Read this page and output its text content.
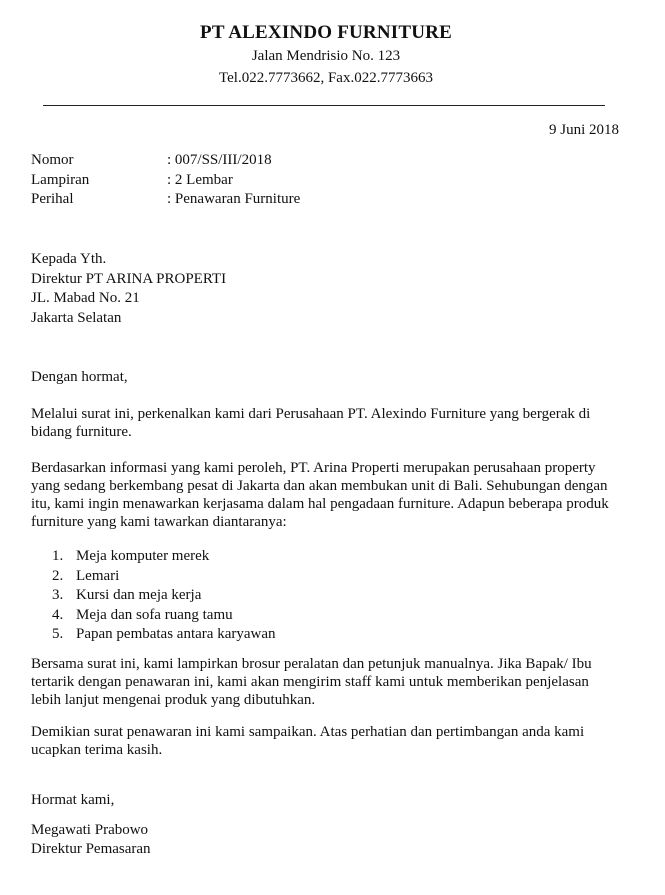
PT ALEXINDO FURNITURE
Jalan Mendrisio No. 123
Tel.022.7773662, Fax.022.7773663
9 Juni 2018
Nomor	: 007/SS/III/2018
Lampiran	: 2 Lembar
Perihal	: Penawaran Furniture
Kepada Yth.
Direktur PT ARINA PROPERTI
JL. Mabad No. 21
Jakarta Selatan
Dengan hormat,
Melalui surat ini, perkenalkan kami dari Perusahaan PT. Alexindo Furniture yang bergerak di
bidang furniture.
Berdasarkan informasi yang kami peroleh, PT. Arina Properti merupakan perusahaan property
yang sedang berkembang pesat di Jakarta dan akan membukan unit di Bali. Sehubungan dengan
itu, kami ingin menawarkan kerjasama dalam hal pengadaan furniture. Adapun beberapa produk
furniture yang kami tawarkan diantaranya:
1. Meja komputer merek
2. Lemari
3. Kursi dan meja kerja
4. Meja dan sofa ruang tamu
5. Papan pembatas antara karyawan
Bersama surat ini, kami lampirkan brosur peralatan dan petunjuk manualnya. Jika Bapak/ Ibu
tertarik dengan penawaran ini, kami akan mengirim staff kami untuk memberikan penjelasan
lebih lanjut mengenai produk yang dibutuhkan.
Demikian surat penawaran ini kami sampaikan. Atas perhatian dan pertimbangan anda kami
ucapkan terima kasih.
Hormat kami,
Megawati Prabowo
Direktur Pemasaran
